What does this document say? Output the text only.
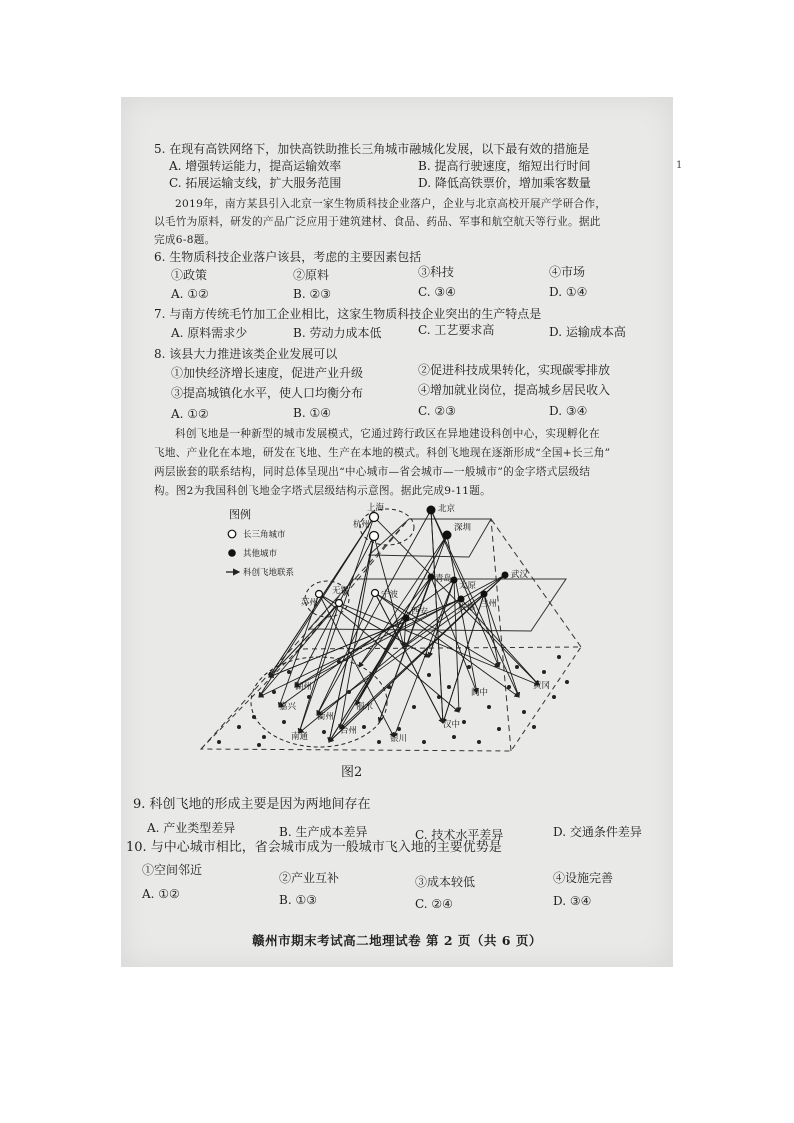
5. 在现有高铁网络下，加快高铁助推长三角城市融城化发展，以下最有效的措施是
A. 增强转运能力，提高运输效率	B. 提高行驶速度，缩短出行时间
C. 拓展运输支线，扩大服务范围	D. 降低高铁票价，增加乘客数量
2019年，南方某县引入北京一家生物质科技企业落户，企业与北京高校开展产学研合作，
以毛竹为原料，研发的产品广泛应用于建筑建材、食品、药品、军事和航空航天等行业。据此
完成6-8题。
6. 生物质科技企业落户该县，考虑的主要因素包括
①政策	②原料	③科技	④市场
A. ①②	B. ②③	C. ③④	D. ①④
7. 与南方传统毛竹加工企业相比，这家生物质科技企业突出的生产特点是
A. 原料需求少	B. 劳动力成本低	C. 工艺要求高	D. 运输成本高
8. 该县大力推进该类企业发展可以
①加快经济增长速度，促进产业升级	②促进科技成果转化，实现碳零排放
③提高城镇化水平，使人口均衡分布	④增加就业岗位，提高城乡居民收入
A. ①②	B. ①④	C. ②③	D. ③④
科创飞地是一种新型的城市发展模式，它通过跨行政区在异地建设科创中心，实现孵化在
飞地、产业化在本地，研发在飞地、生产在本地的模式。科创飞地现在逐渐形成“全国+长三角”
两层嵌套的联系结构，同时总体呈现出“中心城市—省会城市—一般城市”的金字塔式层级结
构。图2为我国科创飞地金字塔式层级结构示意图。据此完成9-11题。
上海	北京
杭州	深圳
苏州
无锡	宁波
青岛
太原
武汉
兰州
成都
西安
湖州
嘉兴
衢州
丽水
南通
台州
银川
汉中
阆中
黄冈
图例
长三角城市
其他城市
科创飞地联系
图2
9. 科创飞地的形成主要是因为两地间存在
A. 产业类型差异	B. 生产成本差异	C. 技术水平差异	D. 交通条件差异
10. 与中心城市相比，省会城市成为一般城市飞入地的主要优势是
①空间邻近
②产业互补	③成本较低	④设施完善
A. ①②	B. ①③	C. ②④	D. ③④
赣州市期末考试高二地理试卷 第 2 页（共 6 页）
1
